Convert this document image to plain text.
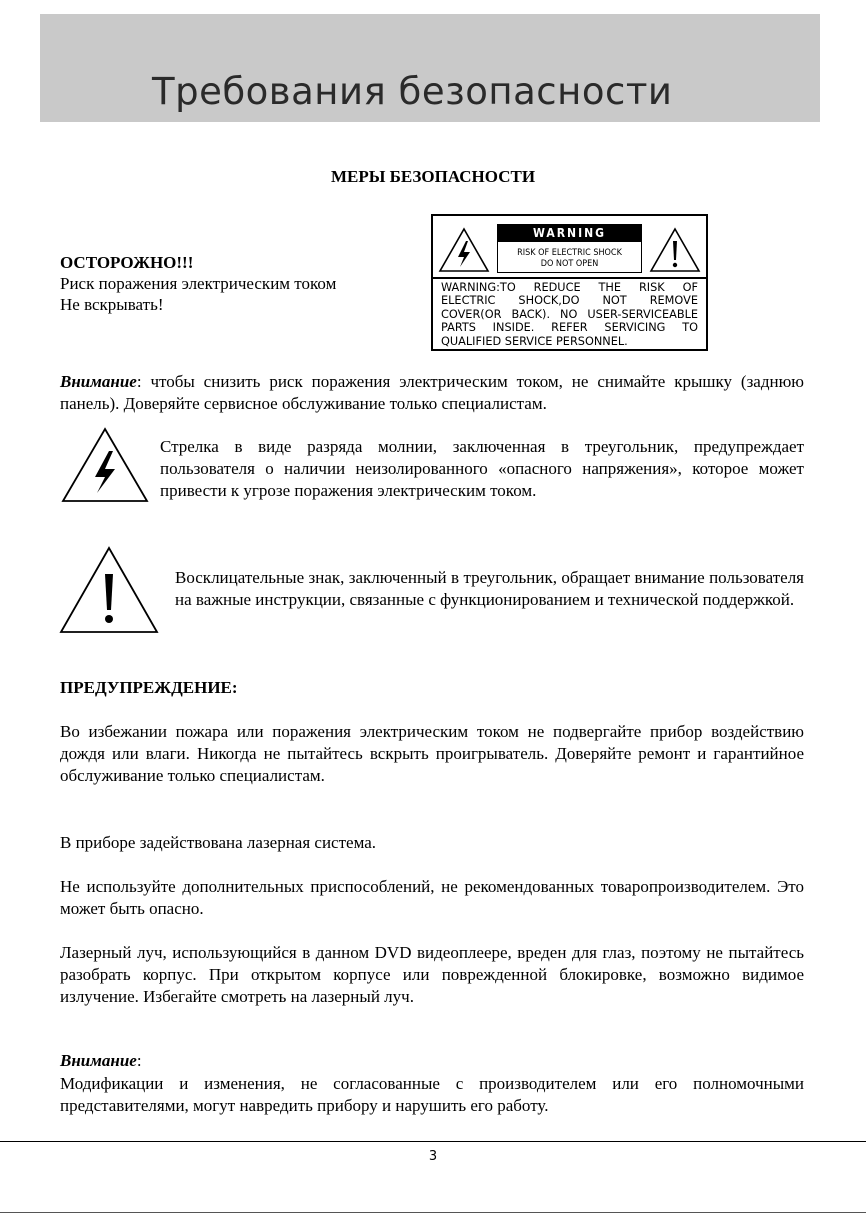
Требования безопасности
МЕРЫ БЕЗОПАСНОСТИ
ОСТОРОЖНО!!!
Риск поражения электрическим током
Не вскрывать!
WARNING
RISK OF ELECTRIC SHOCK
DO NOT OPEN
WARNING:TO REDUCE THE RISK OF ELECTRIC SHOCK,DO NOT REMOVE COVER(OR BACK). NO USER-SERVICEABLE PARTS INSIDE. REFER SERVICING TO QUALIFIED SERVICE PERSONNEL.

Внимание: чтобы снизить риск поражения электрическим током, не снимайте крышку (заднюю панель). Доверяйте сервисное обслуживание только специалистам.

Стрелка в виде разряда молнии, заключенная в треугольник, предупреждает пользователя о наличии неизолированного «опасного напряжения», которое может привести к угрозе поражения электрическим током.

Восклицательные знак, заключенный в треугольник, обращает внимание пользователя на важные инструкции, связанные с функционированием и технической поддержкой.

ПРЕДУПРЕЖДЕНИЕ:

Во избежании пожара или поражения электрическим током не подвергайте прибор воздействию дождя или влаги. Никогда не пытайтесь вскрыть проигрыватель. Доверяйте ремонт и гарантийное обслуживание только специалистам.

В приборе задействована лазерная система.

Не используйте дополнительных приспособлений, не рекомендованных товаропроизводителем. Это может быть опасно.

Лазерный луч, использующийся в данном DVD видеоплеере, вреден для глаз, поэтому не пытайтесь разобрать корпус. При открытом корпусе или поврежденной блокировке, возможно видимое излучение. Избегайте смотреть на лазерный луч.

Внимание:

Модификации и изменения, не согласованные с производителем или его полномочными представителями, могут навредить прибору и нарушить его работу.

3
